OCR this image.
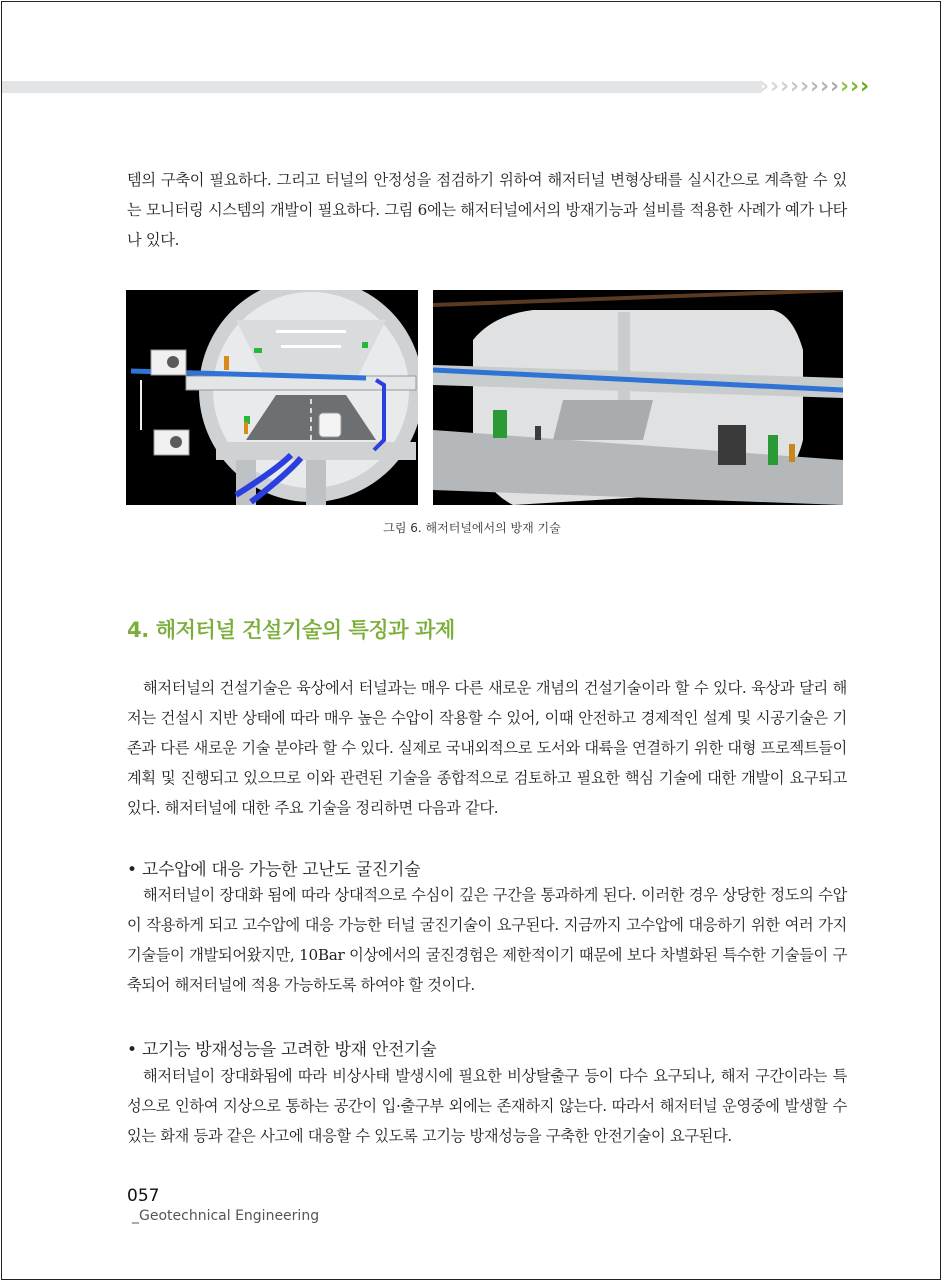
› › › › › › › › › › ›

템의 구축이 필요하다. 그리고 터널의 안정성을 점검하기 위하여 해저터널 변형상태를 실시간으로 계측할 수 있는 모니터링 시스템의 개발이 필요하다. 그림 6에는 해저터널에서의 방재기능과 설비를 적용한 사례가 예가 나타나 있다.

그림 6. 해저터널에서의 방재 기술
4. 해저터널 건설기술의 특징과 과제

해저터널의 건설기술은 육상에서 터널과는 매우 다른 새로운 개념의 건설기술이라 할 수 있다. 육상과 달리 해저는 건설시 지반 상태에 따라 매우 높은 수압이 작용할 수 있어, 이때 안전하고 경제적인 설계 및 시공기술은 기존과 다른 새로운 기술 분야라 할 수 있다. 실제로 국내외적으로 도서와 대륙을 연결하기 위한 대형 프로젝트들이 계획 및 진행되고 있으므로 이와 관련된 기술을 종합적으로 검토하고 필요한 핵심 기술에 대한 개발이 요구되고 있다. 해저터널에 대한 주요 기술을 정리하면 다음과 같다.

• 고수압에 대응 가능한 고난도 굴진기술

해저터널이 장대화 됨에 따라 상대적으로 수심이 깊은 구간을 통과하게 된다. 이러한 경우 상당한 정도의 수압이 작용하게 되고 고수압에 대응 가능한 터널 굴진기술이 요구된다. 지금까지 고수압에 대응하기 위한 여러 가지 기술들이 개발되어왔지만, 10Bar 이상에서의 굴진경험은 제한적이기 때문에 보다 차별화된 특수한 기술들이 구축되어 해저터널에 적용 가능하도록 하여야 할 것이다.

• 고기능 방재성능을 고려한 방재 안전기술

해저터널이 장대화됨에 따라 비상사태 발생시에 필요한 비상탈출구 등이 다수 요구되나, 해저 구간이라는 특성으로 인하여 지상으로 통하는 공간이 입·출구부 외에는 존재하지 않는다. 따라서 해저터널 운영중에 발생할 수 있는 화재 등과 같은 사고에 대응할 수 있도록 고기능 방재성능을 구축한 안전기술이 요구된다.

057
_Geotechnical Engineering
